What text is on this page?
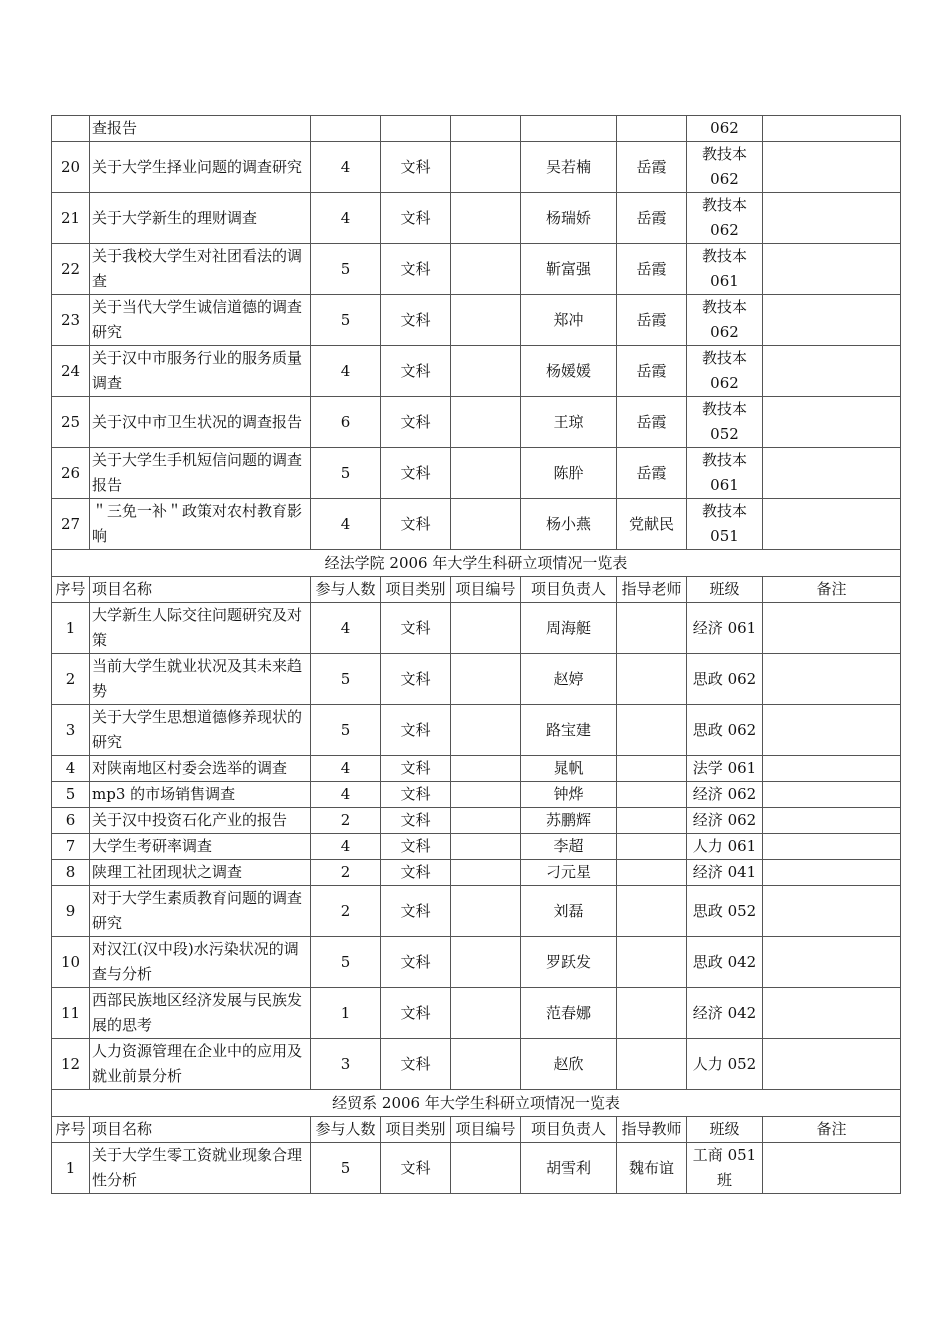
	查报告						062	
20	关于大学生择业问题的调查研究	4	文科		吴若楠	岳霞	教技本062	
21	关于大学新生的理财调查	4	文科		杨瑞娇	岳霞	教技本062	
22	关于我校大学生对社团看法的调查	5	文科		靳富强	岳霞	教技本061	
23	关于当代大学生诚信道德的调查研究	5	文科		郑冲	岳霞	教技本062	
24	关于汉中市服务行业的服务质量调查	4	文科		杨媛媛	岳霞	教技本062	
25	关于汉中市卫生状况的调查报告	6	文科		王琼	岳霞	教技本052	
26	关于大学生手机短信问题的调查报告	5	文科		陈肸	岳霞	教技本061	
27	＂三免一补＂政策对农村教育影响	4	文科		杨小燕	党献民	教技本051	
经法学院 2006 年大学生科研立项情况一览表								
序号	项目名称	参与人数	项目类别	项目编号	项目负责人	指导老师	班级	备注
1	大学新生人际交往问题研究及对策	4	文科		周海艇		经济 061	
2	当前大学生就业状况及其未来趋势	5	文科		赵婷		思政 062	
3	关于大学生思想道德修养现状的研究	5	文科		路宝建		思政 062	
4	对陕南地区村委会选举的调查	4	文科		晁帆		法学 061	
5	mp3 的市场销售调查	4	文科		钟烨		经济 062	
6	关于汉中投资石化产业的报告	2	文科		苏鹏辉		经济 062	
7	大学生考研率调查	4	文科		李超		人力 061	
8	陕理工社团现状之调查	2	文科		刁元星		经济 041	
9	对于大学生素质教育问题的调查研究	2	文科		刘磊		思政 052	
10	对汉江(汉中段)水污染状况的调查与分析	5	文科		罗跃发		思政 042	
11	西部民族地区经济发展与民族发展的思考	1	文科		范春娜		经济 042	
12	人力资源管理在企业中的应用及就业前景分析	3	文科		赵欣		人力 052	
经贸系 2006 年大学生科研立项情况一览表								
序号	项目名称	参与人数	项目类别	项目编号	项目负责人	指导教师	班级	备注
1	关于大学生零工资就业现象合理性分析	5	文科		胡雪利	魏布谊	工商 051班	
